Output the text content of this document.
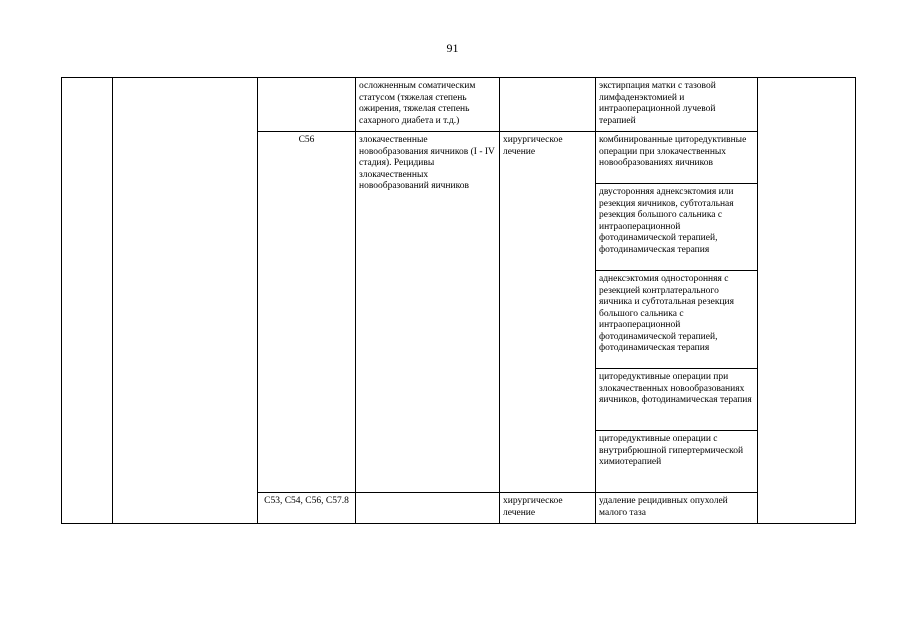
91
			осложненным соматическим статусом (тяжелая степень ожирения, тяжелая степень сахарного диабета и т.д.)		экстирпация матки с тазовой лимфаденэктомией и интраоперационной лучевой терапией	
		C56	злокачественные новообразования яичников (I - IV стадия). Рецидивы злокачественных новообразований яичников	хирургическое лечение	комбинированные циторедуктивные операции при злокачественных новообразованиях яичников	
					двусторонняя аднексэктомия или резекция яичников, субтотальная резекция большого сальника с интраоперационной фотодинамической терапией, фотодинамическая терапия	
					аднексэктомия односторонняя с резекцией контрлатерального яичника и субтотальная резекция большого сальника с интраоперационной фотодинамической терапией, фотодинамическая терапия	
					циторедуктивные операции при злокачественных новообразованиях яичников, фотодинамическая терапия	
					циторедуктивные операции с внутрибрюшной гипертермической химиотерапией	
		C53, C54, C56, C57.8		хирургическое лечение	удаление рецидивных опухолей малого таза	
